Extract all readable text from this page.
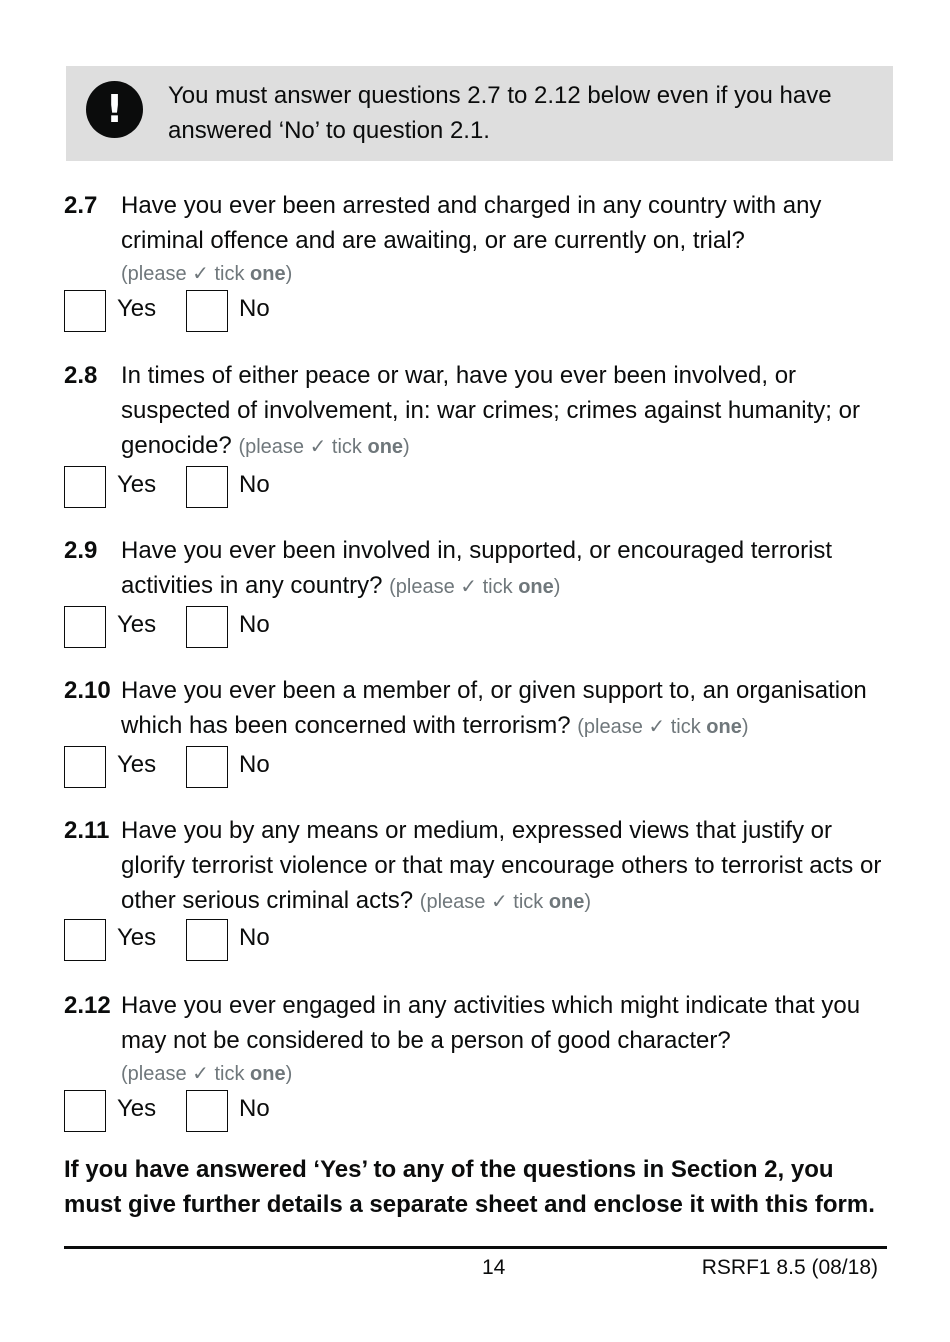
!	You must answer questions 2.7 to 2.12 below even if you have answered ‘No’ to question 2.1.
2.7 Have you ever been arrested and charged in any country with any criminal offence and are awaiting, or are currently on, trial?
(please ✓ tick one)
Yes	No
2.8 In times of either peace or war, have you ever been involved, or suspected of involvement, in: war crimes; crimes against humanity; or genocide? (please ✓ tick one)
Yes	No
2.9 Have you ever been involved in, supported, or encouraged terrorist activities in any country? (please ✓ tick one)
Yes	No
2.10 Have you ever been a member of, or given support to, an organisation which has been concerned with terrorism? (please ✓ tick one)
Yes	No
2.11 Have you by any means or medium, expressed views that justify or glorify terrorist violence or that may encourage others to terrorist acts or other serious criminal acts? (please ✓ tick one)
Yes	No
2.12 Have you ever engaged in any activities which might indicate that you may not be considered to be a person of good character?
(please ✓ tick one)
Yes	No
If you have answered ‘Yes’ to any of the questions in Section 2, you must give further details a separate sheet and enclose it with this form.
14	RSRF1 8.5 (08/18)
